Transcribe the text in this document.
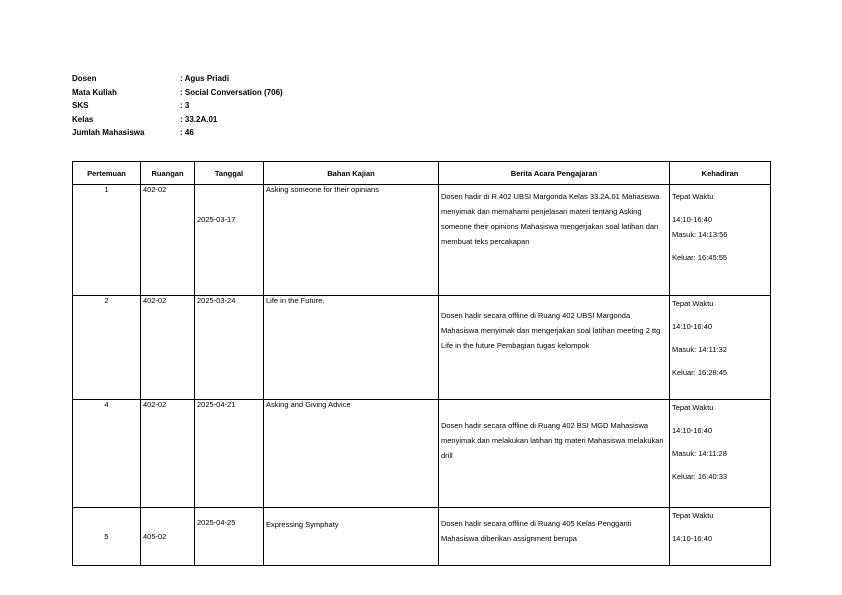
Dosen	: Agus Priadi
Mata Kuliah	: Social Conversation (706)
SKS	: 3
Kelas	: 33.2A.01
Jumlah Mahasiswa	: 46
Pertemuan	Ruangan	Tanggal	Bahan Kajian	Berita Acara Pengajaran	Kehadiran
1	402-02	2025-03-17	Asking someone for their opinians	Dosen hadir di R.402 UBSI Margonda Kelas 33.2A.01 Mahasiswa menyimak dan memahami penjelasan materi tentang Asking someone their opinions Mahasiswa mengerjakan soal latihan dan membuat teks percakapan	Tepat Waktu
14:10-16:40
Masuk: 14:13:56
Keluar: 16:45:55

2	402-02	2025-03-24	Life in the Future.	Dosen hadir secara offline di Ruang 402 UBSI Margonda Mahasiswa menyimak dan mengerjakan soal latihan meeting 2 ttg Life in the future Pembagian tugas kelompok	Tepat Waktu
14:10-16:40
Masuk: 14:11:32
Keluar: 16:28:45

4	402-02	2025-04-21	Asking and Giving Advice	Dosen hadir secara offline di Ruang 402 BSI MGD Mahasiswa menyimak dan melakukan latihan ttg materi Mahasiswa melakukan drill	Tepat Waktu
14:10-16:40
Masuk: 14:11:28
Keluar: 16:40:33

5	405-02	2025-04-25	Expressing Symphaty	Dosen hadir secara offline di Ruang 405 Kelas Pengganti Mahasiswa diberikan assignment berupa	Tepat Waktu
14:10-16:40
